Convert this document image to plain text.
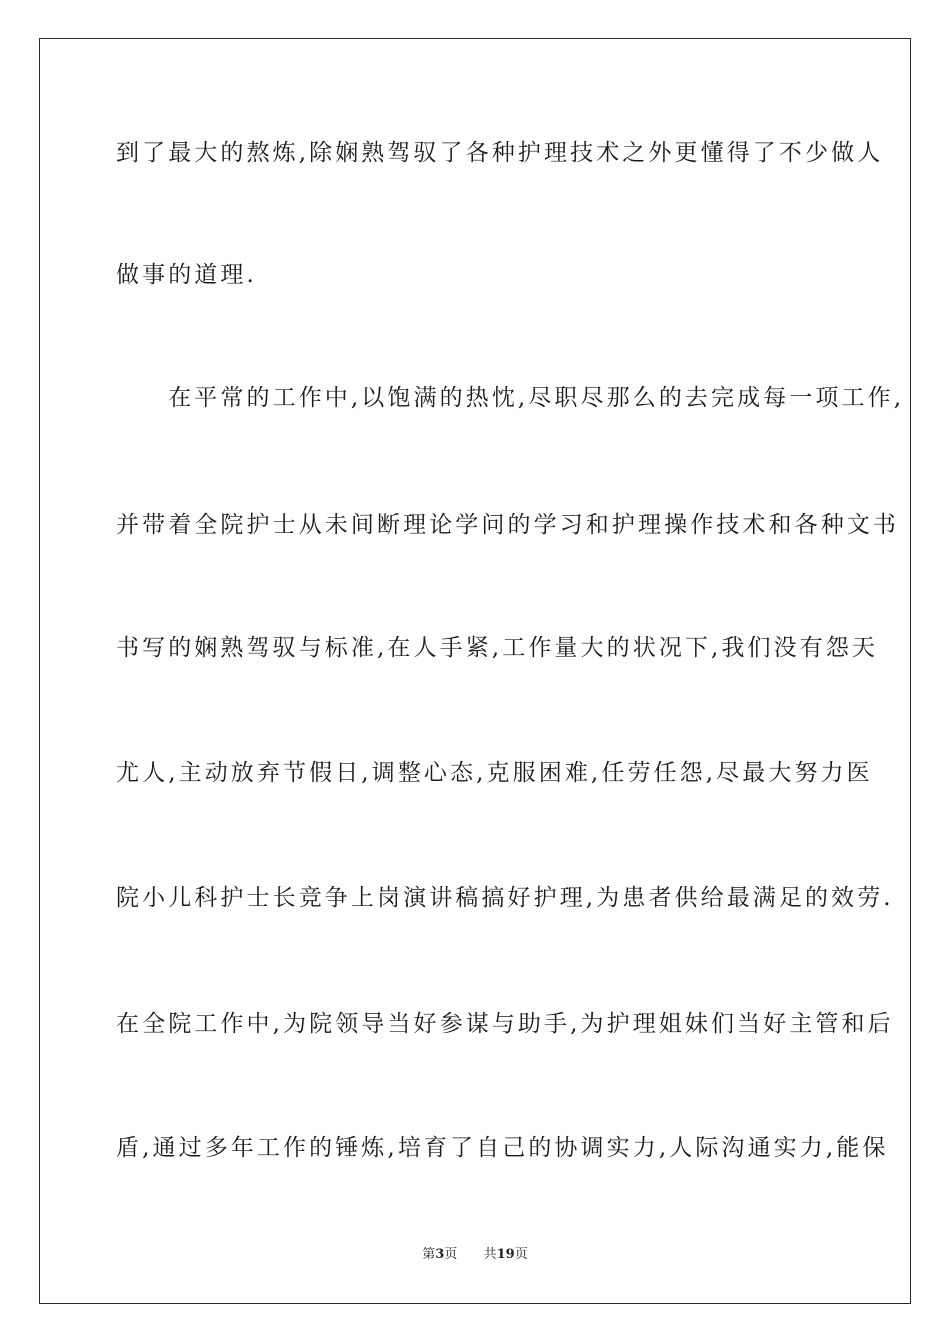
到了最大的熬炼,除娴熟驾驭了各种护理技术之外更懂得了不少做人
做事的道理.
　　在平常的工作中,以饱满的热忱,尽职尽那么的去完成每一项工作,
并带着全院护士从未间断理论学问的学习和护理操作技术和各种文书
书写的娴熟驾驭与标准,在人手紧,工作量大的状况下,我们没有怨天
尤人,主动放弃节假日,调整心态,克服困难,任劳任怨,尽最大努力医
院小儿科护士长竞争上岗演讲稿搞好护理,为患者供给最满足的效劳.
在全院工作中,为院领导当好参谋与助手,为护理姐妹们当好主管和后
盾,通过多年工作的锤炼,培育了自己的协调实力,人际沟通实力,能保
第3页 共19页
